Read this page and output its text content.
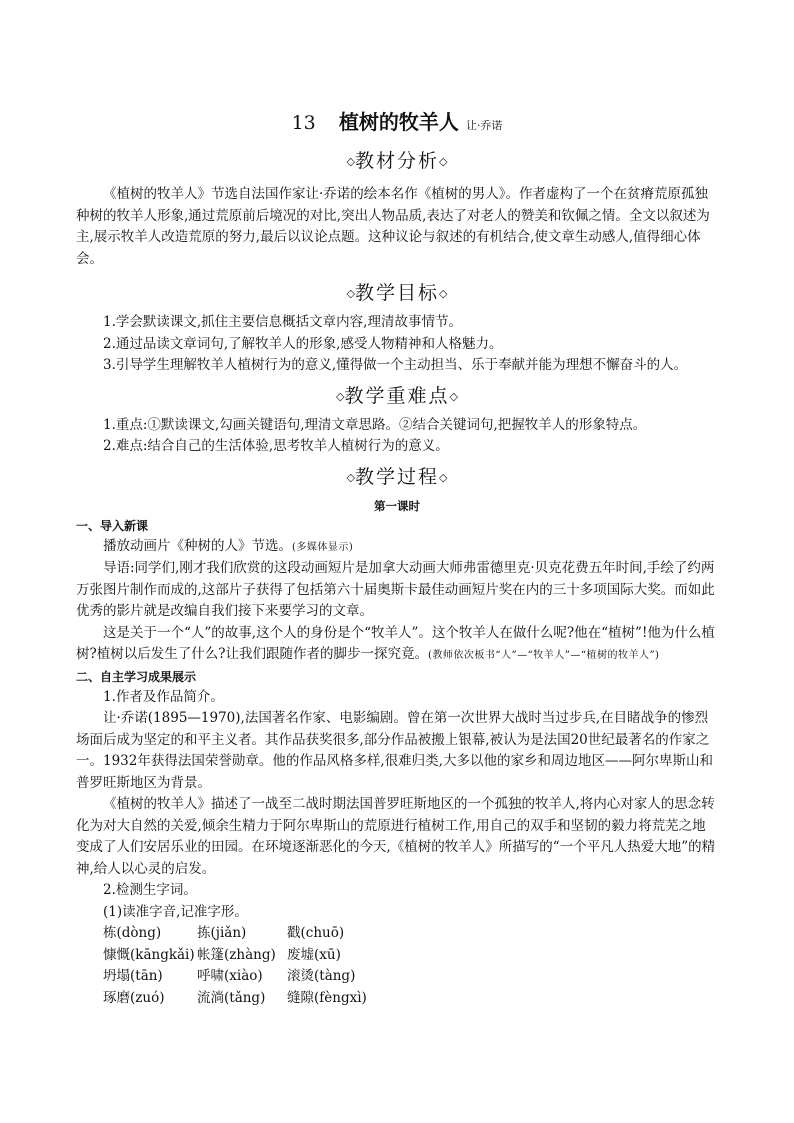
13 植树的牧羊人 让·乔诺
◇教材分析◇

《植树的牧羊人》节选自法国作家让·乔诺的绘本名作《植树的男人》。作者虚构了一个在贫瘠荒原孤独种树的牧羊人形象,通过荒原前后境况的对比,突出人物品质,表达了对老人的赞美和钦佩之情。全文以叙述为主,展示牧羊人改造荒原的努力,最后以议论点题。这种议论与叙述的有机结合,使文章生动感人,值得细心体会。

◇教学目标◇

1.学会默读课文,抓住主要信息概括文章内容,理清故事情节。

2.通过品读文章词句,了解牧羊人的形象,感受人物精神和人格魅力。

3.引导学生理解牧羊人植树行为的意义,懂得做一个主动担当、乐于奉献并能为理想不懈奋斗的人。

◇教学重难点◇

1.重点:①默读课文,勾画关键语句,理清文章思路。②结合关键词句,把握牧羊人的形象特点。

2.难点:结合自己的生活体验,思考牧羊人植树行为的意义。

◇教学过程◇
第一课时
一、导入新课

播放动画片《种树的人》节选。(多媒体显示)

导语:同学们,刚才我们欣赏的这段动画短片是加拿大动画大师弗雷德里克·贝克花费五年时间,手绘了约两万张图片制作而成的,这部片子获得了包括第六十届奥斯卡最佳动画短片奖在内的三十多项国际大奖。而如此优秀的影片就是改编自我们接下来要学习的文章。

这是关于一个“人”的故事,这个人的身份是个“牧羊人”。这个牧羊人在做什么呢?他在“植树”!他为什么植树?植树以后发生了什么?让我们跟随作者的脚步一探究竟。(教师依次板书“人”—“牧羊人”—“植树的牧羊人”)

二、自主学习成果展示

1.作者及作品简介。

让·乔诺(1895—1970),法国著名作家、电影编剧。曾在第一次世界大战时当过步兵,在目睹战争的惨烈场面后成为坚定的和平主义者。其作品获奖很多,部分作品被搬上银幕,被认为是法国20世纪最著名的作家之一。1932年获得法国荣誉勋章。他的作品风格多样,很难归类,大多以他的家乡和周边地区——阿尔卑斯山和普罗旺斯地区为背景。

《植树的牧羊人》描述了一战至二战时期法国普罗旺斯地区的一个孤独的牧羊人,将内心对家人的思念转化为对大自然的关爱,倾余生精力于阿尔卑斯山的荒原进行植树工作,用自己的双手和坚韧的毅力将荒芜之地变成了人们安居乐业的田园。在环境逐渐恶化的今天,《植树的牧羊人》所描写的“一个平凡人热爱大地”的精神,给人以心灵的启发。

2.检测生字词。

(1)读准字音,记准字形。

栋(dòng)	拣(jiǎn)	戳(chuō)
慷慨(kāngkǎi) 帐篷(zhàng) 废墟(xū)
坍塌(tān)	呼啸(xiào) 滚烫(tàng)
琢磨(zuó) 流淌(tǎng) 缝隙(fèngxì)
